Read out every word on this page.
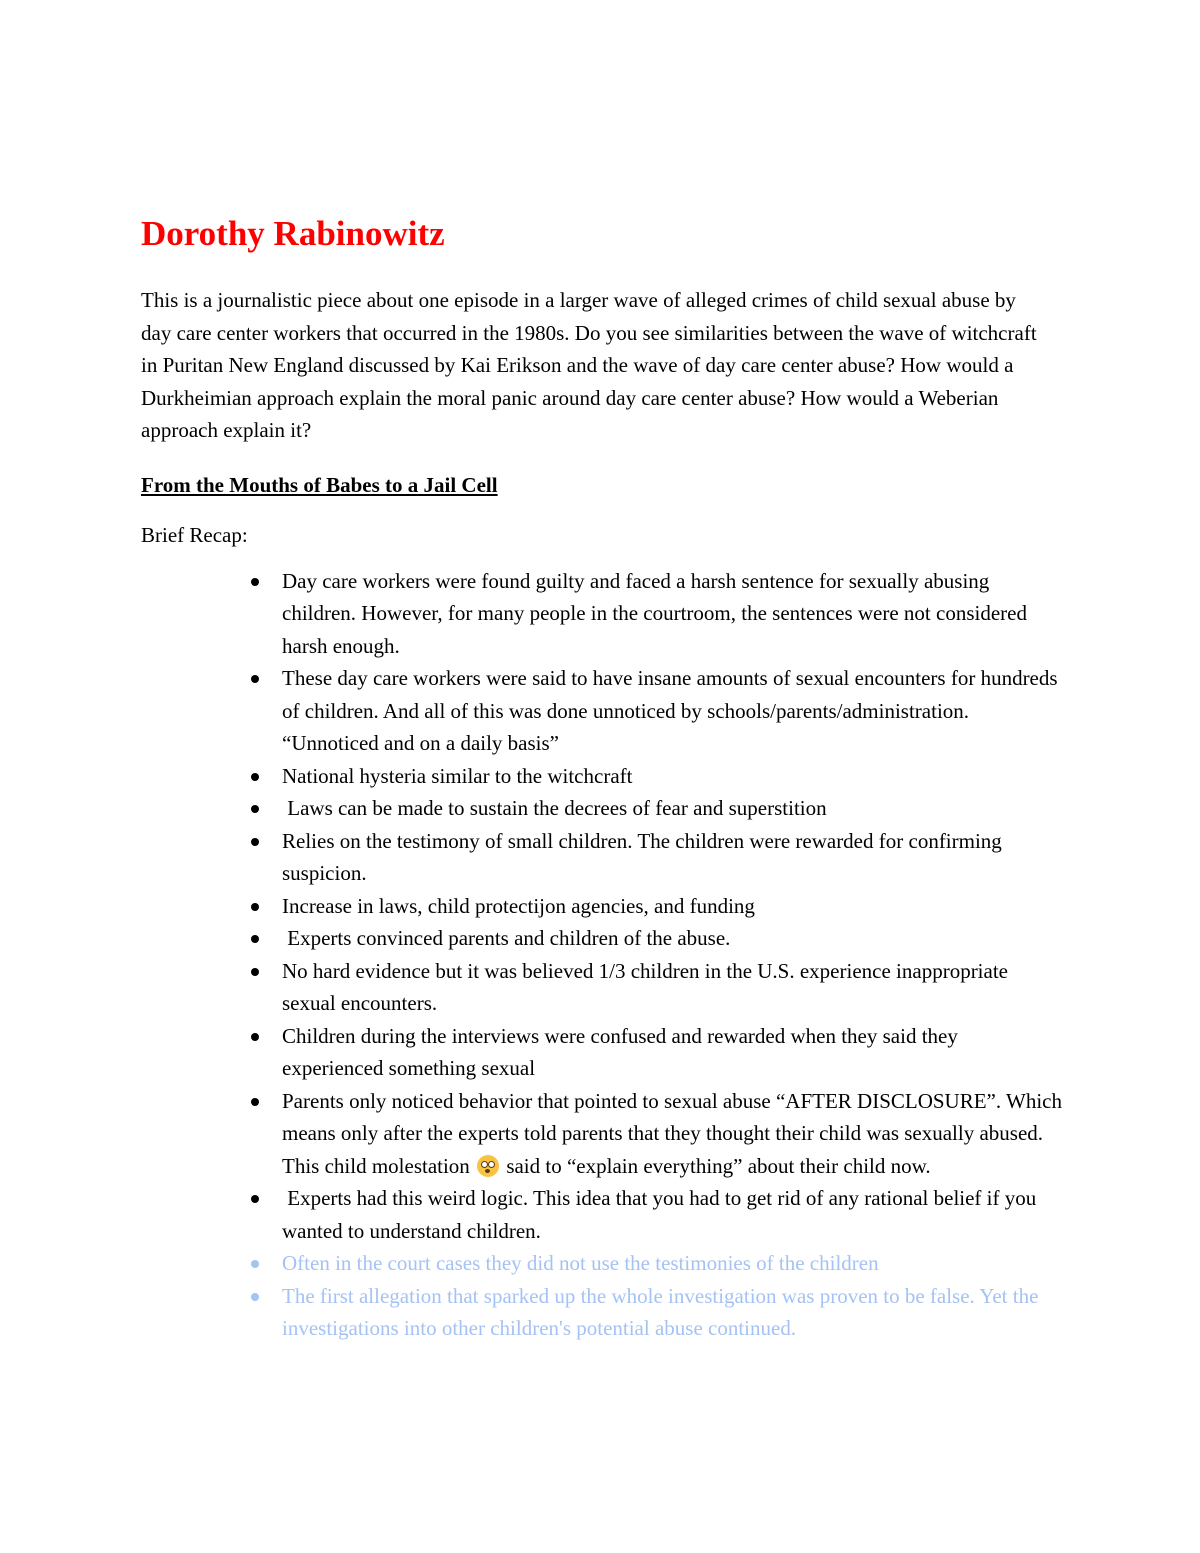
Dorothy Rabinowitz

This is a journalistic piece about one episode in a larger wave of alleged crimes of child sexual abuse by day care center workers that occurred in the 1980s. Do you see similarities between the wave of witchcraft in Puritan New England discussed by Kai Erikson and the wave of day care center abuse? How would a Durkheimian approach explain the moral panic around day care center abuse? How would a Weberian approach explain it?

From the Mouths of Babes to a Jail Cell
Brief Recap:
Day care workers were found guilty and faced a harsh sentence for sexually abusing children. However, for many people in the courtroom, the sentences were not considered harsh enough.
These day care workers were said to have insane amounts of sexual encounters for hundreds of children. And all of this was done unnoticed by schools/parents/administration. “Unnoticed and on a daily basis”
National hysteria similar to the witchcraft
Laws can be made to sustain the decrees of fear and superstition
Relies on the testimony of small children. The children were rewarded for confirming suspicion.
Increase in laws, child protectijon agencies, and funding
Experts convinced parents and children of the abuse.
No hard evidence but it was believed 1/3 children in the U.S. experience inappropriate sexual encounters.
Children during the interviews were confused and rewarded when they said they experienced something sexual
Parents only noticed behavior that pointed to sexual abuse “AFTER DISCLOSURE”. Which means only after the experts told parents that they thought their child was sexually abused. This child molestation
said to “explain everything” about their child now.
Experts had this weird logic. This idea that you had to get rid of any rational belief if you wanted to understand children.
Often in the court cases they did not use the testimonies of the children
The first allegation that sparked up the whole investigation was proven to be false. Yet the investigations into other children's potential abuse continued.
